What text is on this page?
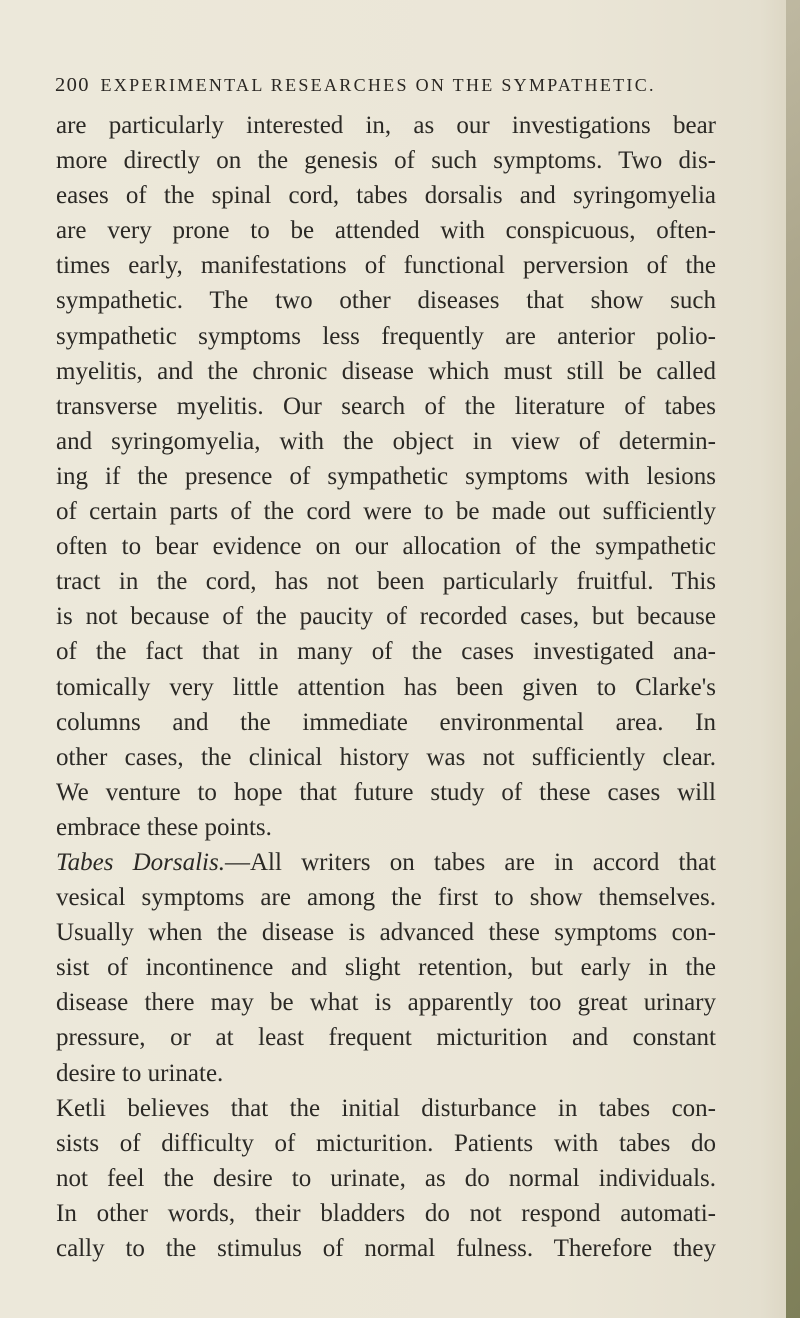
200 EXPERIMENTAL RESEARCHES ON THE SYMPATHETIC.
are particularly interested in, as our investigations bear
more directly on the genesis of such symptoms. Two dis-
eases of the spinal cord, tabes dorsalis and syringomyelia
are very prone to be attended with conspicuous, often-
times early, manifestations of functional perversion of the
sympathetic. The two other diseases that show such
sympathetic symptoms less frequently are anterior polio-
myelitis, and the chronic disease which must still be called
transverse myelitis. Our search of the literature of tabes
and syringomyelia, with the object in view of determin-
ing if the presence of sympathetic symptoms with lesions
of certain parts of the cord were to be made out sufficiently
often to bear evidence on our allocation of the sympathetic
tract in the cord, has not been particularly fruitful. This
is not because of the paucity of recorded cases, but because
of the fact that in many of the cases investigated ana-
tomically very little attention has been given to Clarke's
columns and the immediate environmental area. In
other cases, the clinical history was not sufficiently clear.
We venture to hope that future study of these cases will
embrace these points.
Tabes Dorsalis.—All writers on tabes are in accord that
vesical symptoms are among the first to show themselves.
Usually when the disease is advanced these symptoms con-
sist of incontinence and slight retention, but early in the
disease there may be what is apparently too great urinary
pressure, or at least frequent micturition and constant
desire to urinate.
Ketli believes that the initial disturbance in tabes con-
sists of difficulty of micturition. Patients with tabes do
not feel the desire to urinate, as do normal individuals.
In other words, their bladders do not respond automati-
cally to the stimulus of normal fulness. Therefore they
